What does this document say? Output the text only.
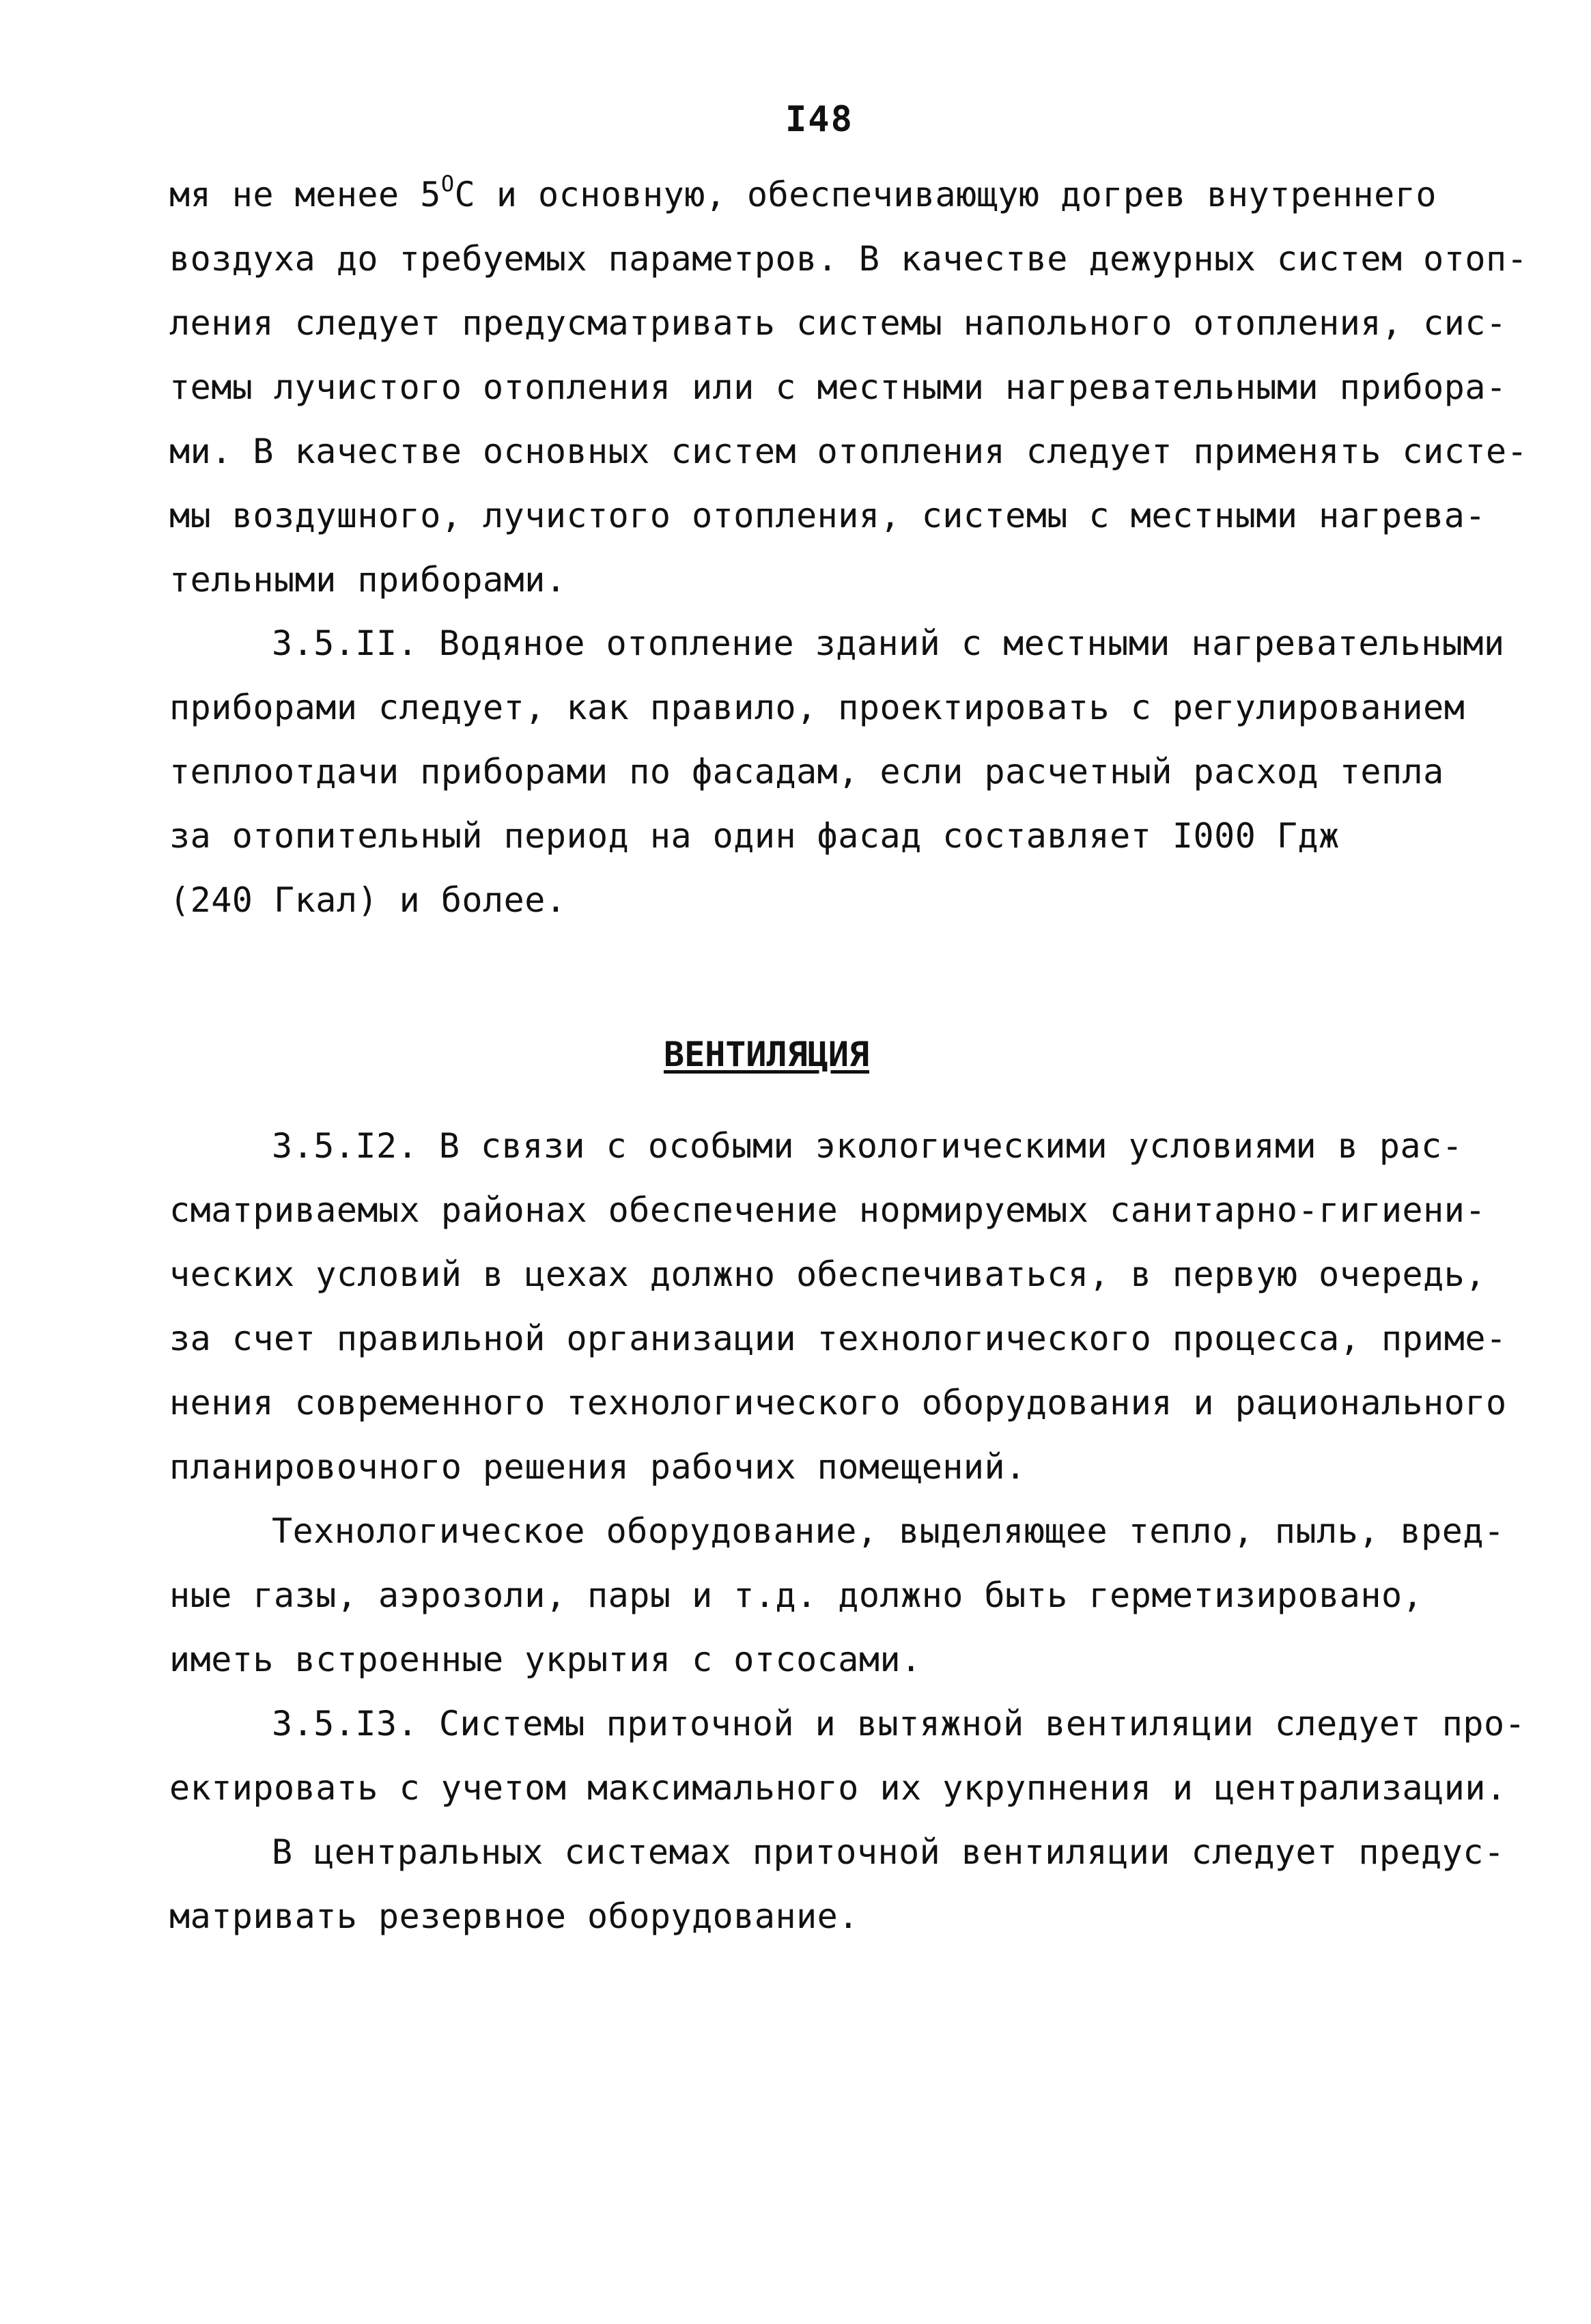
I48
мя не менее $5^ОС$ и основную, обеспечивающую догрев внутреннего
воздуха до требуемых параметров. В качестве дежурных систем отоп-
ления следует предусматривать системы напольного отопления, сис-
темы лучистого отопления или с местными нагревательными прибора-
ми. В качестве основных систем отопления следует применять систе-
мы воздушного, лучистого отопления, системы с местными нагрева-
тельными приборами.
3.5.II. Водяное отопление зданий с местными нагревательными
приборами следует, как правило, проектировать с регулированием
теплоотдачи приборами по фасадам, если расчетный расход тепла
за отопительный период на один фасад составляет I000 Гдж
(240 Гкал) и более.
ВЕНТИЛЯЦИЯ
3.5.I2. В связи с особыми экологическими условиями в рас-
сматриваемых районах обеспечение нормируемых санитарно-гигиени-
ческих условий в цехах должно обеспечиваться, в первую очередь,
за счет правильной организации технологического процесса, приме-
нения современного технологического оборудования и рационального
планировочного решения рабочих помещений.
Технологическое оборудование, выделяющее тепло, пыль, вред-
ные газы, аэрозоли, пары и т.д. должно быть герметизировано,
иметь встроенные укрытия с отсосами.
3.5.I3. Системы приточной и вытяжной вентиляции следует про-
ектировать с учетом максимального их укрупнения и централизации.
В центральных системах приточной вентиляции следует предус-
матривать резервное оборудование.
